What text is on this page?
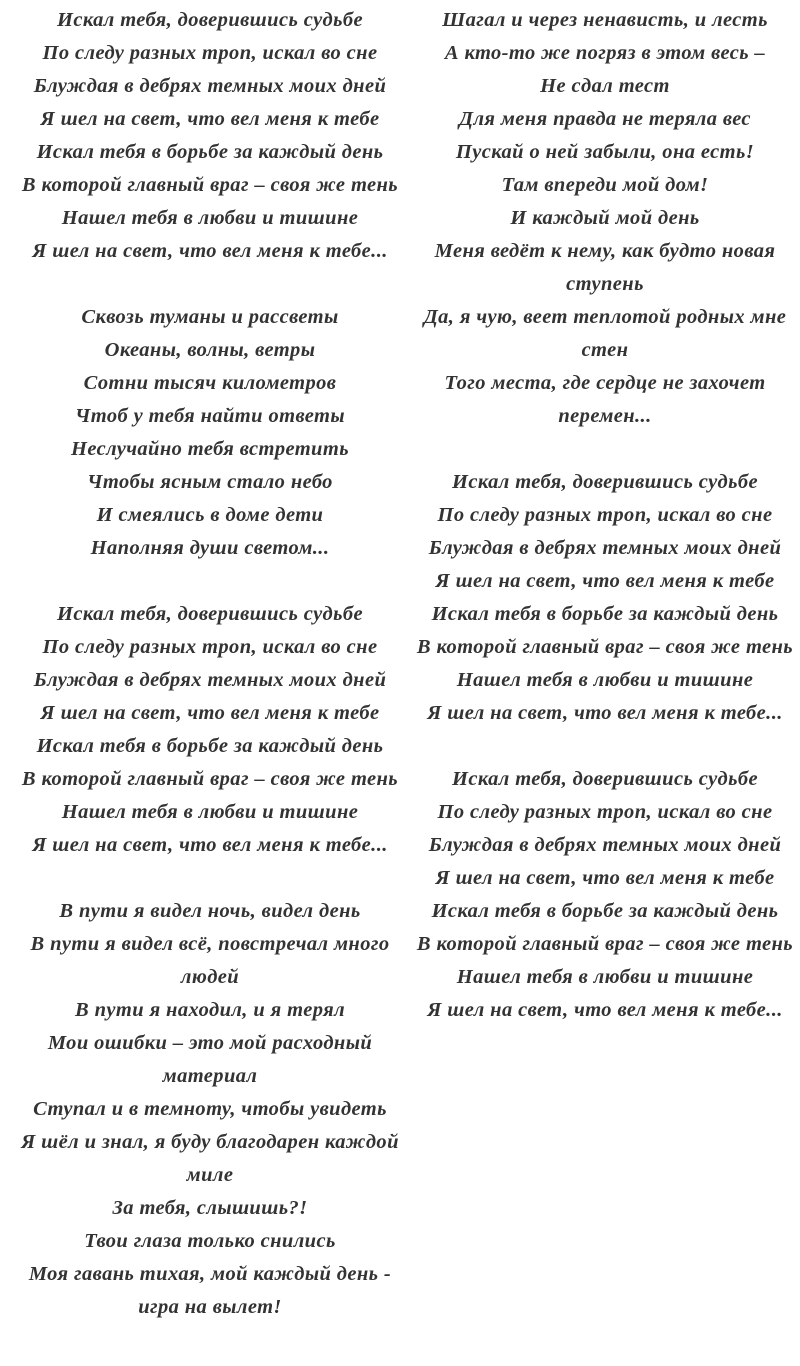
Искал тебя, доверившись судьбе
По следу разных троп, искал во сне
Блуждая в дебрях темных моих дней
Я шел на свет, что вел меня к тебе
Искал тебя в борьбе за каждый день
В которой главный враг – своя же тень
Нашел тебя в любви и тишине
Я шел на свет, что вел меня к тебе...
Сквозь туманы и рассветы
Океаны, волны, ветры
Сотни тысяч километров
Чтоб у тебя найти ответы
Неслучайно тебя встретить
Чтобы ясным стало небо
И смеялись в доме дети
Наполняя души светом...
Искал тебя, доверившись судьбе
По следу разных троп, искал во сне
Блуждая в дебрях темных моих дней
Я шел на свет, что вел меня к тебе
Искал тебя в борьбе за каждый день
В которой главный враг – своя же тень
Нашел тебя в любви и тишине
Я шел на свет, что вел меня к тебе...
В пути я видел ночь, видел день
В пути я видел всё, повстречал много людей
В пути я находил, и я терял
Мои ошибки – это мой расходный материал
Ступал и в темноту, чтобы увидеть
Я шёл и знал, я буду благодарен каждой миле
За тебя, слышишь?!
Твои глаза только снились
Моя гавань тихая, мой каждый день - игра на вылет!
Шагал и через ненависть, и лесть
А кто-то же погряз в этом весь –
Не сдал тест
Для меня правда не теряла вес
Пускай о ней забыли, она есть!
Там впереди мой дом!
И каждый мой день
Меня ведёт к нему, как будто новая ступень
Да, я чую, веет теплотой родных мне стен
Того места, где сердце не захочет перемен...
Искал тебя, доверившись судьбе
По следу разных троп, искал во сне
Блуждая в дебрях темных моих дней
Я шел на свет, что вел меня к тебе
Искал тебя в борьбе за каждый день
В которой главный враг – своя же тень
Нашел тебя в любви и тишине
Я шел на свет, что вел меня к тебе...
Искал тебя, доверившись судьбе
По следу разных троп, искал во сне
Блуждая в дебрях темных моих дней
Я шел на свет, что вел меня к тебе
Искал тебя в борьбе за каждый день
В которой главный враг – своя же тень
Нашел тебя в любви и тишине
Я шел на свет, что вел меня к тебе...
